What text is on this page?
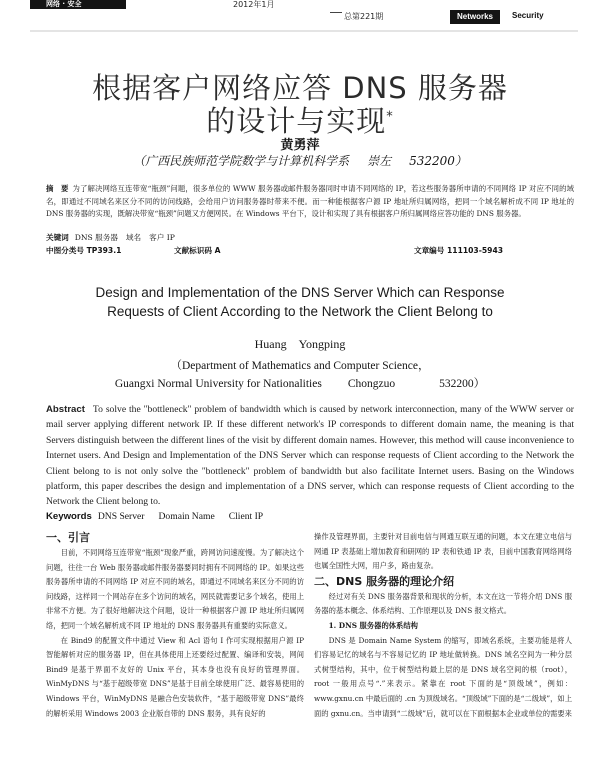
网络 · 安全	2012年1月
总第221期	Networks	Security
根据客户网络应答 DNS 服务器
的设计与实现*
黄勇萍
（广西民族师范学院数学与计算机科学系 崇左 532200）
摘　要 为了解决网络互连带宽“瓶颈”问题，很多单位的 WWW 服务器或邮件服务器同时申请不同网络的 IP，若这些服务器所申请的不同网络 IP 对应不同的域名，即通过不同域名来区分不同的访问线路，会给用户访问服务器时带来不便。而一种能根据客户源 IP 地址所归属网络，把同一个域名解析成不同 IP 地址的 DNS 服务器的实现，既解决带宽“瓶颈”问题又方便网民。在 Windows 平台下，设计和实现了具有根据客户所归属网络应答功能的 DNS 服务器。
关键词 DNS 服务器 域名 客户 IP
中图分类号 TP393.1	文献标识码 A	文章编号 111103-5943
Design and Implementation of the DNS Server Which can Response
Requests of Client According to the Network the Client Belong to
Huang　Yongping
（Department of Mathematics and Computer Science，
Guangxi Normal University for Nationalities Chongzuo	532200）
Abstract To solve the "bottleneck" problem of bandwidth which is caused by network interconnection, many of the WWW server or mail server applying different network IP. If these different network's IP corresponds to different domain name, the meaning is that Servers distinguish between the different lines of the visit by different domain names. However, this method will cause inconvenience to Internet users. And Design and Implementation of the DNS Server which can response requests of Client according to the Network the Client belong to is not only solve the "bottleneck" problem of bandwidth but also facilitate Internet users. Basing on the Windows platform, this paper describes the design and implementation of a DNS server, which can response requests of Client according to the Network the Client belong to.
Keywords DNS Server Domain Name Client IP
一、引言

目前，不同网络互连带宽“瓶颈”现象严重，跨网访问速度慢。为了解决这个问题，往往一台 Web 服务器或邮件服务器要同时拥有不同网络的 IP。如果这些服务器所申请的不同网络 IP 对应不同的域名，即通过不同域名来区分不同的访问线路，这样同一个网站存在多个访问的域名，网民就需要记多个域名，使用上非常不方便。为了很好地解决这个问题，设计一种根据客户源 IP 地址所归属网络，把同一个域名解析成不同 IP 地址的 DNS 服务器具有重要的实际意义。

在 Bind9 的配置文件中通过 View 和 Acl 语句 I 作可实现根据用户源 IP 智能解析对应的服务器 IP，但在具体使用上还要经过配置、编译和安装，网间 Bind9 是基于界面不友好的 Unix 平台，其本身也没有良好的管理界面。WinMyDNS 与“基于超级带宽 DNS”是基于目前全球使用广泛、最容易使用的 Windows 平台，WinMyDNS 是融合色安装软件，“基于超级带宽 DNS”最终的解析采用 Windows 2003 企业版自带的 DNS 服务，具有良好的

操作及管理界面，主要针对目前电信与网通互联互通的问题，本文在建立电信与网通 IP 表基础上增加教育和研网的 IP 表和铁通 IP 表，目前中国教育网络网络也属全国性大网，用户多，路由复杂。

二、DNS 服务器的理论介绍

经过对有关 DNS 服务器背景和现状的分析，本文在这一节将介绍 DNS 服务器的基本概念、体系结构、工作原理以及 DNS 报文格式。

1. DNS 服务器的体系结构

DNS 是 Domain Name System 的缩写，即域名系统，主要功能是将人们容易记忆的域名与不容易记忆的 IP 地址做转换。DNS 域名空间为一种分层式树型结构，其中，位于树型结构最上层的是 DNS 域名空间的根（root），root 一般用点号“.”来表示。紧靠在 root 下面的是“顶级域”，例如：www.gxnu.cn 中最后面的 .cn 为顶级域名。“顶级域”下面的是“二级域”，如上面的 gxnu.cn。当申请到“二级域”后，就可以在下面根据本企业或单位的需要来
